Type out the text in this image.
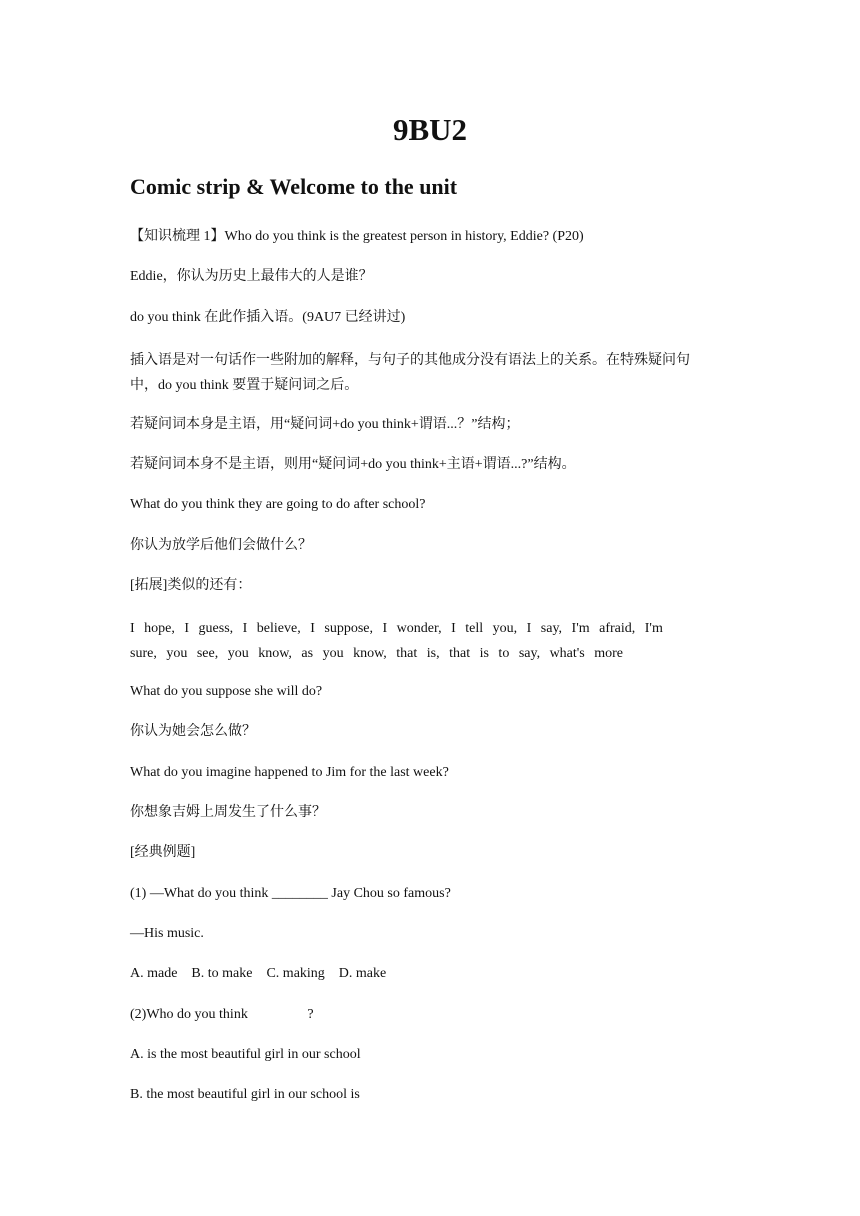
9BU2
Comic strip & Welcome to the unit
【知识梳理 1】Who do you think is the greatest person in history, Eddie? (P20)
Eddie，你认为历史上最伟大的人是谁？
do you think 在此作插入语。(9AU7 已经讲过)
插入语是对一句话作一些附加的解释，与句子的其他成分没有语法上的关系。在特殊疑问句中，do you think 要置于疑问词之后。
若疑问词本身是主语，用“疑问词+do you think+谓语...？”结构；
若疑问词本身不是主语，则用“疑问词+do you think+主语+谓语...?”结构。
What do you think they are going to do after school?
你认为放学后他们会做什么？
[拓展]类似的还有：
I hope, I guess, I believe, I suppose, I wonder, I tell you, I say, I'm afraid, I'm sure, you see, you know, as you know, that is, that is to say, what's more
What do you suppose she will do?
你认为她会怎么做？
What do you imagine happened to Jim for the last week?
你想象吉姆上周发生了什么事？
[经典例题]
(1) —What do you think ________ Jay Chou so famous?
—His music.
A. made    B. to make    C. making    D. make
(2)Who do you think                 ?
A. is the most beautiful girl in our school
B. the most beautiful girl in our school is
